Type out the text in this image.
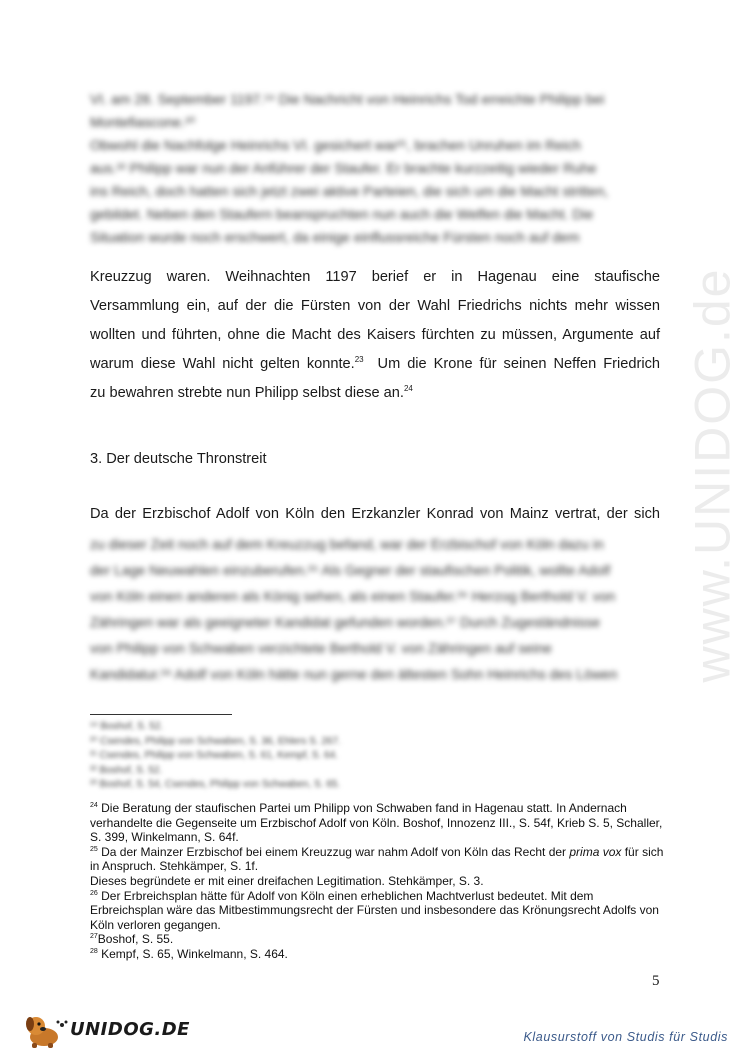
www.UNIDOG.de
VI. am 28. September 1197.¹⁹ Die Nachricht von Heinrichs Tod erreichte Philipp bei
Montefiascone.²⁰
Obwohl die Nachfolge Heinrichs VI. gesichert war²¹, brachen Unruhen im Reich
aus.²² Philipp war nun der Anführer der Staufer. Er brachte kurzzeitig wieder Ruhe
ins Reich, doch hatten sich jetzt zwei aktive Parteien, die sich um die Macht stritten,
gebildet. Neben den Staufern beanspruchten nun auch die Welfen die Macht. Die
Situation wurde noch erschwert, da einige einflussreiche Fürsten noch auf dem
Kreuzzug waren. Weihnachten 1197 berief er in Hagenau eine staufische
Versammlung ein, auf der die Fürsten von der Wahl Friedrichs nichts mehr wissen
wollten und führten, ohne die Macht des Kaisers fürchten zu müssen, Argumente auf
warum diese Wahl nicht gelten konnte.$^{23}$  Um die Krone für seinen Neffen Friedrich
zu bewahren strebte nun Philipp selbst diese an.$^{24}$
3. Der deutsche Thronstreit
Da der Erzbischof Adolf von Köln den Erzkanzler Konrad von Mainz vertrat, der sich
zu dieser Zeit noch auf dem Kreuzzug befand, war der Erzbischof von Köln dazu in
der Lage Neuwahlen einzuberufen.²⁵ Als Gegner der staufischen Politik, wollte Adolf
von Köln einen anderen als König sehen, als einen Staufer.²⁶ Herzog Berthold V. von
Zähringen war als geeigneter Kandidat gefunden worden.²⁷ Durch Zugeständnisse
von Philipp von Schwaben verzichtete Berthold V. von Zähringen auf seine
Kandidatur.²⁸ Adolf von Köln hätte nun gerne den ältesten Sohn Heinrichs des Löwen
¹⁹ Boshof, S. 52.
²⁰ Csendes, Philipp von Schwaben, S. 36, Ehlers S. 267.
²¹ Csendes, Philipp von Schwaben, S. 61, Kempf, S. 64.
²² Boshof, S. 52.
²³ Boshof, S. 54, Csendes, Philipp von Schwaben, S. 65.

$^{24}$ Die Beratung der staufischen Partei um Philipp von Schwaben fand in Hagenau statt. In Andernach verhandelte die Gegenseite um Erzbischof Adolf von Köln. Boshof, Innozenz III., S. 54f, Krieb S. 5, Schaller, S. 399, Winkelmann, S. 64f.

$^{25}$ Da der Mainzer Erzbischof bei einem Kreuzzug war nahm Adolf von Köln das Recht der prima vox für sich in Anspruch. Stehkämper, S. 1f.

Dieses begründete er mit einer dreifachen Legitimation. Stehkämper, S. 3.

$^{26}$ Der Erbreichsplan hätte für Adolf von Köln einen erheblichen Machtverlust bedeutet. Mit dem Erbreichsplan wäre das Mitbestimmungsrecht der Fürsten und insbesondere das Krönungsrecht Adolfs von Köln verloren gegangen.

$^{27}$Boshof, S. 55.

$^{28}$ Kempf, S. 65, Winkelmann, S. 464.

5
UNIDOG.DE	Klausurstoff von Studis für Studis
